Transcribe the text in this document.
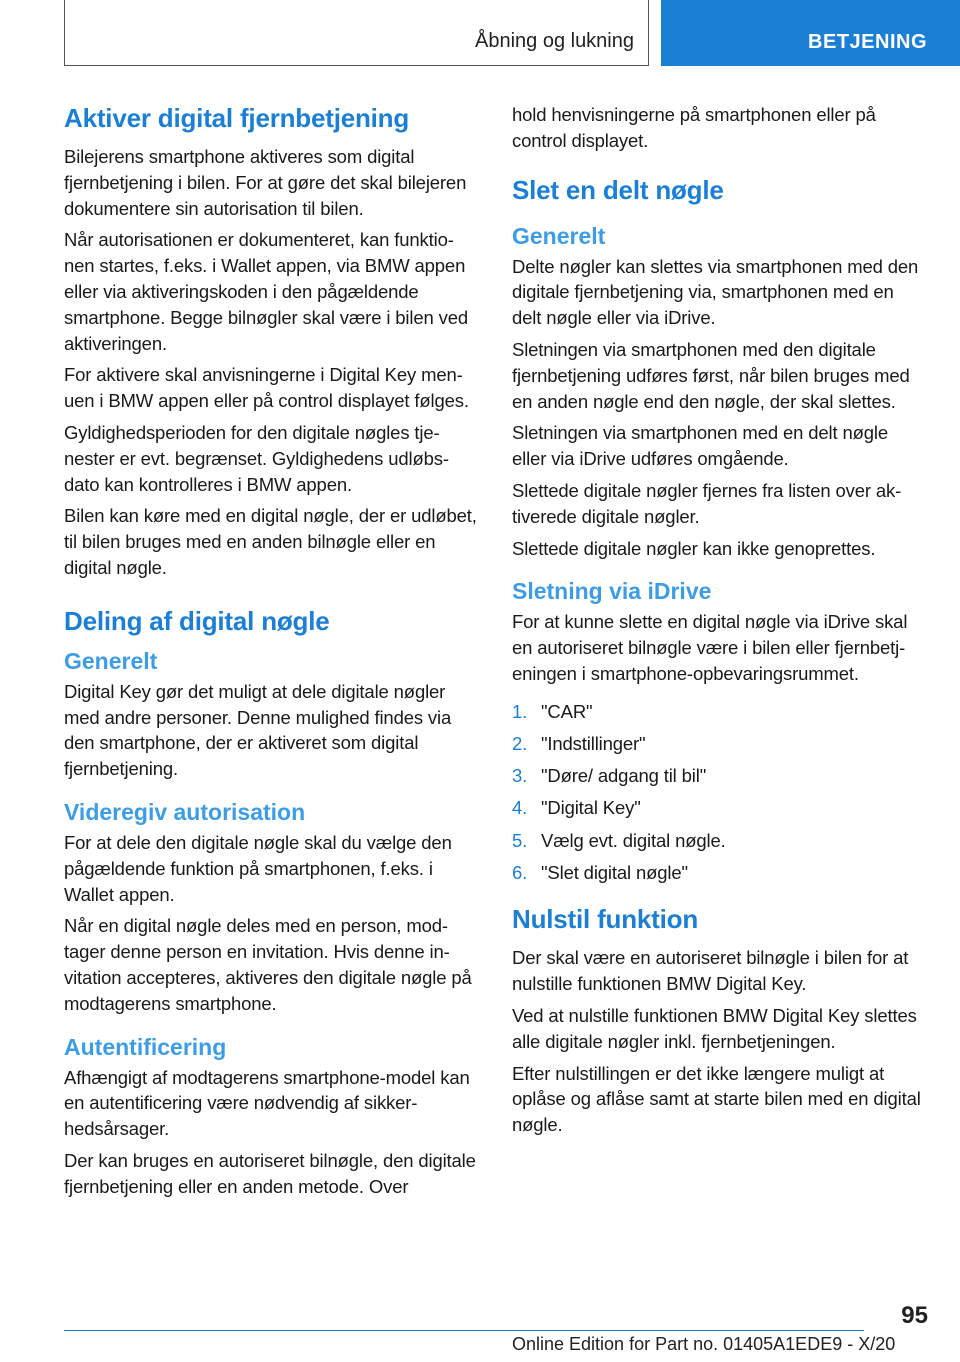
Åbning og lukning	BETJENING
Aktiver digital fjernbetjening

Bilejerens smartphone aktiveres som digital fjernbetjening i bilen. For at gøre det skal bilejeren dokumentere sin autorisation til bilen.

Når autorisationen er dokumenteret, kan funktionen startes, f.eks. i Wallet appen, via BMW appen eller via aktiveringskoden i den pågældende smartphone. Begge bilnøgler skal være i bilen ved aktiveringen.

For aktivere skal anvisningerne i Digital Key menuen i BMW appen eller på control displayet følges.

Gyldighedsperioden for den digitale nøgles tjenester er evt. begrænset. Gyldighedens udløbsdato kan kontrolleres i BMW appen.

Bilen kan køre med en digital nøgle, der er udløbet, til bilen bruges med en anden bilnøgle eller en digital nøgle.

Deling af digital nøgle
Generelt

Digital Key gør det muligt at dele digitale nøgler med andre personer. Denne mulighed findes via den smartphone, der er aktiveret som digital fjernbetjening.

Videregiv autorisation

For at dele den digitale nøgle skal du vælge den pågældende funktion på smartphonen, f.eks. i Wallet appen.

Når en digital nøgle deles med en person, modtager denne person en invitation. Hvis denne invitation accepteres, aktiveres den digitale nøgle på modtagerens smartphone.

Autentificering

Afhængigt af modtagerens smartphone-model kan en autentificering være nødvendig af sikkerhedsårsager.

Der kan bruges en autoriseret bilnøgle, den digitale fjernbetjening eller en anden metode. Over

hold henvisningerne på smartphonen eller på control displayet.

Slet en delt nøgle
Generelt

Delte nøgler kan slettes via smartphonen med den digitale fjernbetjening via, smartphonen med en delt nøgle eller via iDrive.

Sletningen via smartphonen med den digitale fjernbetjening udføres først, når bilen bruges med en anden nøgle end den nøgle, der skal slettes.

Sletningen via smartphonen med en delt nøgle eller via iDrive udføres omgående.

Slettede digitale nøgler fjernes fra listen over aktiverede digitale nøgler.

Slettede digitale nøgler kan ikke genoprettes.

Sletning via iDrive

For at kunne slette en digital nøgle via iDrive skal en autoriseret bilnøgle være i bilen eller fjernbetjeningen i smartphone-opbevaringsrummet.

1. "CAR"
2. "Indstillinger"
3. "Døre/ adgang til bil"
4. "Digital Key"
5. Vælg evt. digital nøgle.
6. "Slet digital nøgle"
Nulstil funktion

Der skal være en autoriseret bilnøgle i bilen for at nulstille funktionen BMW Digital Key.

Ved at nulstille funktionen BMW Digital Key slettes alle digitale nøgler inkl. fjernbetjeningen.

Efter nulstillingen er det ikke længere muligt at oplåse og aflåse samt at starte bilen med en digital nøgle.

95
Online Edition for Part no. 01405A1EDE9 - X/20
